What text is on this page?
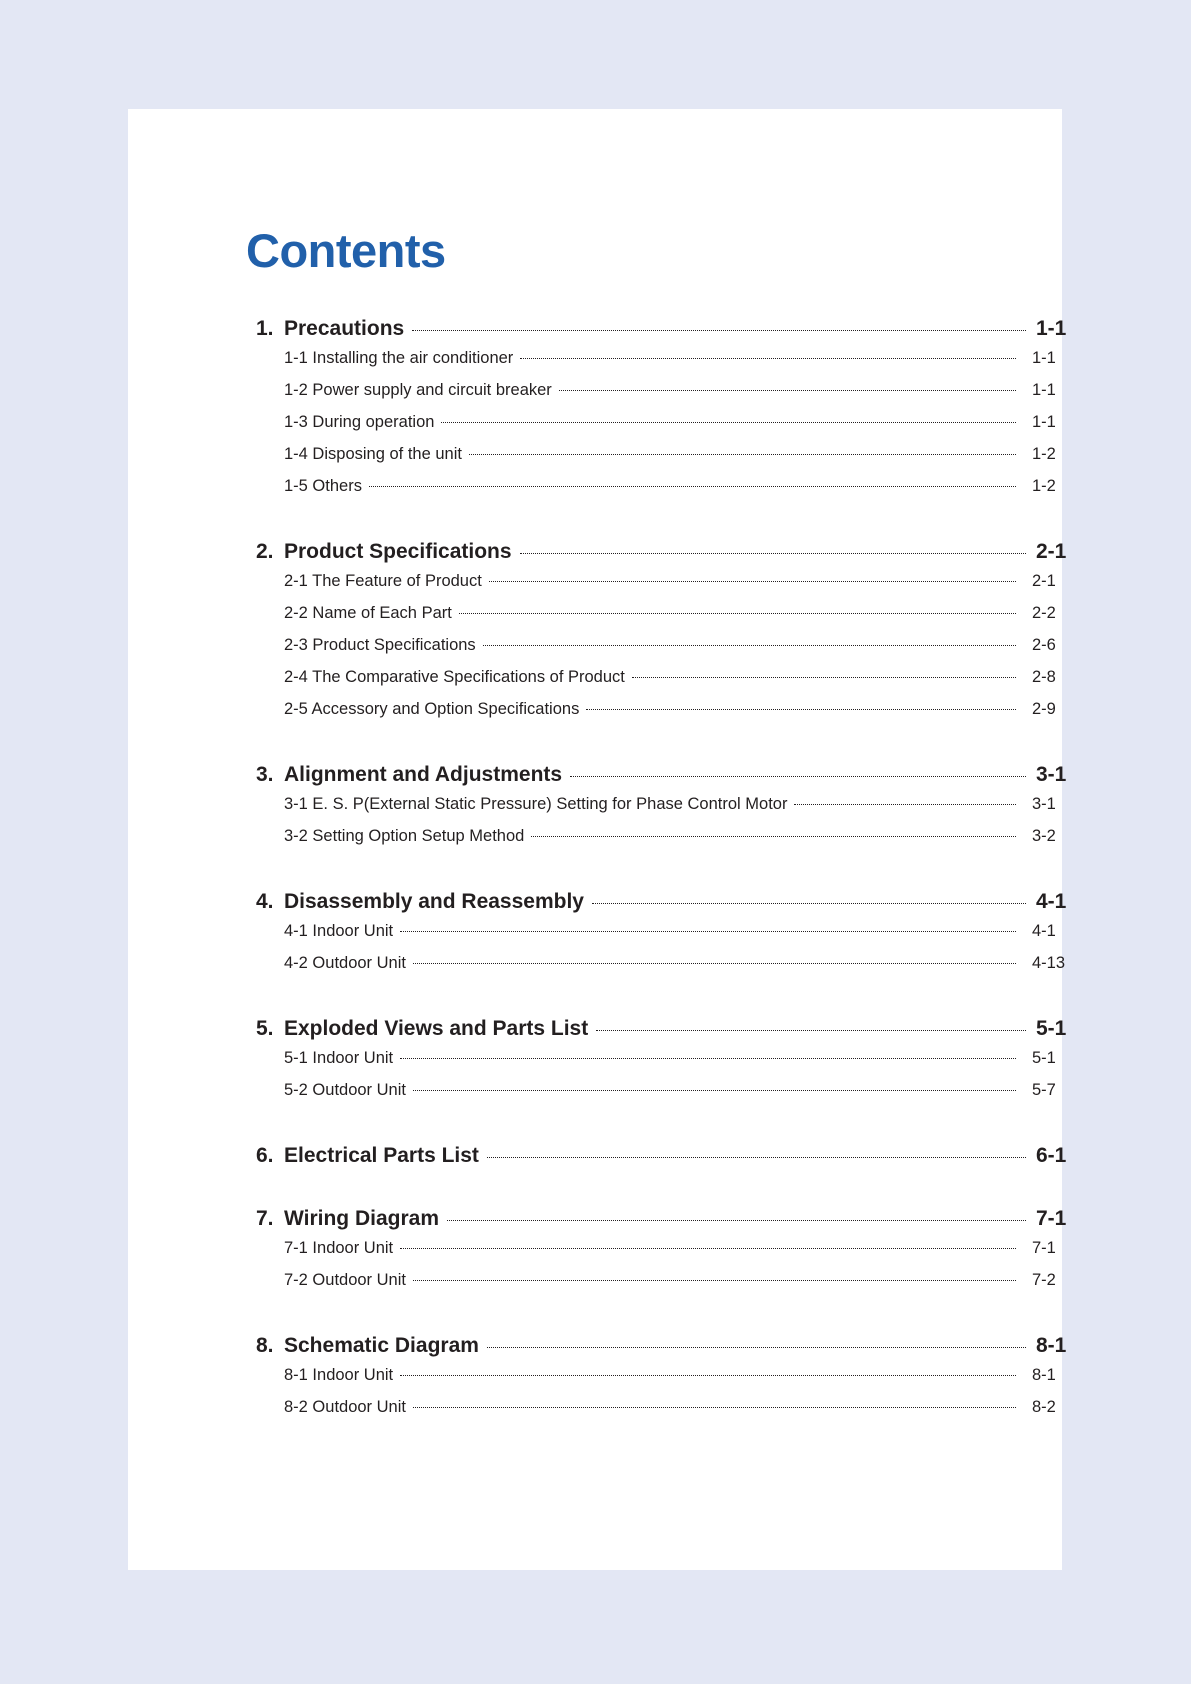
Contents
1. Precautions	1-1
1-1 Installing the air conditioner	1-1
1-2 Power supply and circuit breaker	1-1
1-3 During operation	1-1
1-4 Disposing of the unit	1-2
1-5 Others	1-2
2. Product Specifications	2-1
2-1 The Feature of Product	2-1
2-2 Name of Each Part	2-2
2-3 Product Specifications	2-6
2-4 The Comparative Specifications of Product	2-8
2-5 Accessory and Option Specifications	2-9
3. Alignment and Adjustments	3-1
3-1 E. S. P(External Static Pressure) Setting for Phase Control Motor	3-1
3-2 Setting Option Setup Method	3-2
4. Disassembly and Reassembly	4-1
4-1 Indoor Unit	4-1
4-2 Outdoor Unit	4-13
5. Exploded Views and Parts List	5-1
5-1 Indoor Unit	5-1
5-2 Outdoor Unit	5-7
6. Electrical Parts List	6-1
7. Wiring Diagram	7-1
7-1 Indoor Unit	7-1
7-2 Outdoor Unit	7-2
8. Schematic Diagram	8-1
8-1 Indoor Unit	8-1
8-2 Outdoor Unit	8-2
